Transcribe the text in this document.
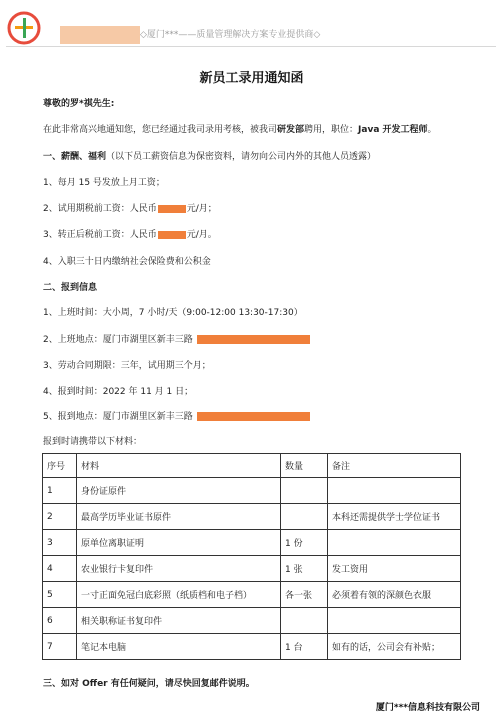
◇厦门***——质量管理解决方案专业提供商◇
新员工录用通知函
尊敬的罗*祺先生:
在此非常高兴地通知您，您已经通过我司录用考核，被我司研发部聘用，职位：Java 开发工程师。
一、薪酬、福利（以下员工薪资信息为保密资料，请勿向公司内外的其他人员透露）
1、每月 15 号发放上月工资；
2、试用期税前工资：人民币	元/月；
3、转正后税前工资：人民币	元/月。
4、入职三十日内缴纳社会保险费和公积金
二、报到信息
1、上班时间：大小周，7 小时/天（9:00-12:00 13:30-17:30）
2、上班地点：厦门市湖里区新丰三路
3、劳动合同期限：三年，试用期三个月；
4、报到时间：2022 年 11 月 1 日；
5、报到地点：厦门市湖里区新丰三路
报到时请携带以下材料：
序号	材料	数量	备注
1	身份证原件		
2	最高学历毕业证书原件		本科还需提供学士学位证书
3	原单位离职证明	1 份	
4	农业银行卡复印件	1 张	发工资用
5	一寸正面免冠白底彩照（纸质档和电子档）	各一张	必须着有领的深颜色衣服
6	相关职称证书复印件		
7	笔记本电脑	1 台	如有的话，公司会有补贴；
三、如对 Offer 有任何疑问，请尽快回复邮件说明。
厦门***信息科技有限公司
